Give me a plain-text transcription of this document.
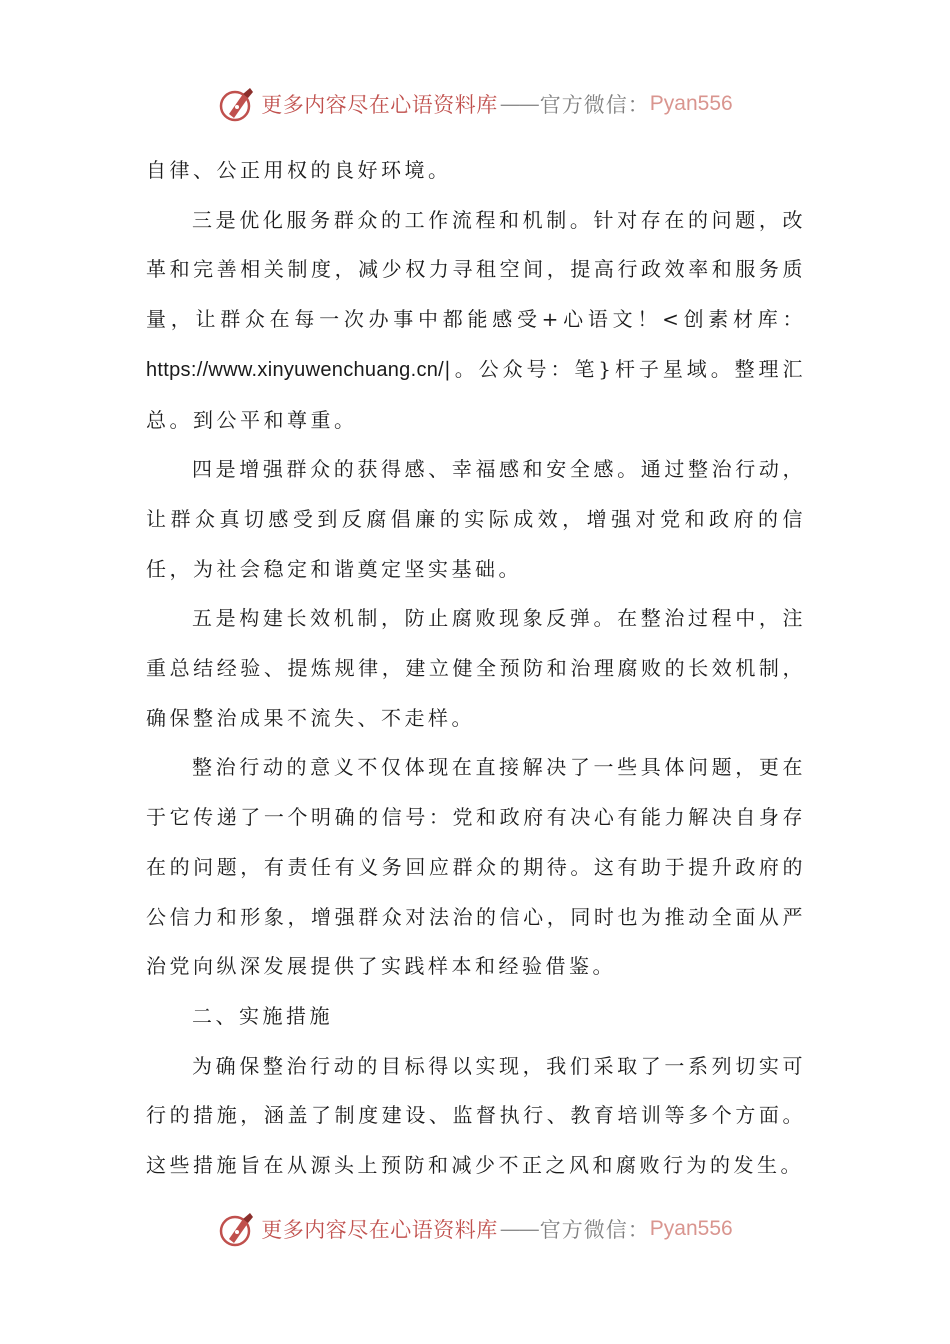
更多内容尽在心语资料库 —— 官方微信： Pyan556

自律、公正用权的良好环境。

三是优化服务群众的工作流程和机制。针对存在的问题，改革和完善相关制度，减少权力寻租空间，提高行政效率和服务质量，让群众在每一次办事中都能感受+心语文！<创素材库：https://www.xinyuwenchuang.cn/|。公众号：笔}杆子星域。整理汇总。到公平和尊重。

四是增强群众的获得感、幸福感和安全感。通过整治行动，让群众真切感受到反腐倡廉的实际成效，增强对党和政府的信任，为社会稳定和谐奠定坚实基础。

五是构建长效机制，防止腐败现象反弹。在整治过程中，注重总结经验、提炼规律，建立健全预防和治理腐败的长效机制，确保整治成果不流失、不走样。

整治行动的意义不仅体现在直接解决了一些具体问题，更在于它传递了一个明确的信号：党和政府有决心有能力解决自身存在的问题，有责任有义务回应群众的期待。这有助于提升政府的公信力和形象，增强群众对法治的信心，同时也为推动全面从严治党向纵深发展提供了实践样本和经验借鉴。

二、实施措施

为确保整治行动的目标得以实现，我们采取了一系列切实可行的措施，涵盖了制度建设、监督执行、教育培训等多个方面。这些措施旨在从源头上预防和减少不正之风和腐败行为的发生。

更多内容尽在心语资料库 —— 官方微信： Pyan556
